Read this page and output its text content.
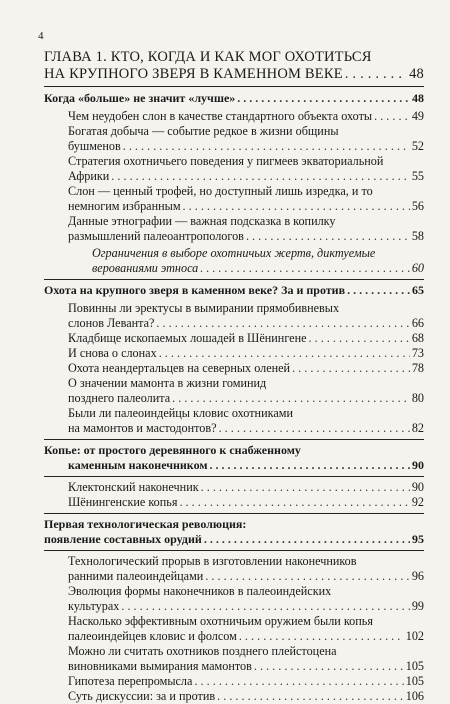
4
ГЛАВА 1. КТО, КОГДА И КАК МОГ ОХОТИТЬСЯ
НА КРУПНОГО ЗВЕРЯ В КАМЕННОМ ВЕКЕ . . .	48
Когда «больше» не значит «лучше» . . .	48
Чем неудобен слон в качестве стандартного объекта охоты . . .	49
Богатая добыча — событие редкое в жизни общины
бушменов . . .	52
Стратегия охотничьего поведения у пигмеев экваториальной
Африки . . .	55
Слон — ценный трофей, но доступный лишь изредка, и то
немногим избранным . . .	56
Данные этнографии — важная подсказка в копилку
размышлений палеоантропологов . . .	58
Ограничения в выборе охотничьих жертв, диктуемые
верованиями этноса . . .	60
Охота на крупного зверя в каменном веке? За и против . . .	65
Повинны ли эректусы в вымирании прямобивневых
слонов Леванта? . . .	66
Кладбище ископаемых лошадей в Шёнингене . . .	68
И снова о слонах . . .	73
Охота неандертальцев на северных оленей . . .	78
О значении мамонта в жизни гоминид
позднего палеолита . . .	80
Были ли палеоиндейцы кловис охотниками
на мамонтов и мастодонтов? . . .	82
Копье: от простого деревянного к снабженному
каменным наконечником . . .	90
Клектонский наконечник . . .	90
Шёнингенские копья . . .	92
Первая технологическая революция:
появление составных орудий . . .	95
Технологический прорыв в изготовлении наконечников
ранними палеоиндейцами . . .	96
Эволюция формы наконечников в палеоиндейских
культурах . . .	99
Насколько эффективным охотничьим оружием были копья
палеоиндейцев кловис и фолсом . . .	102
Можно ли считать охотников позднего плейстоцена
виновниками вымирания мамонтов . . .	105
Гипотеза перепромысла . . .	105
Суть дискуссии: за и против . . .	106
